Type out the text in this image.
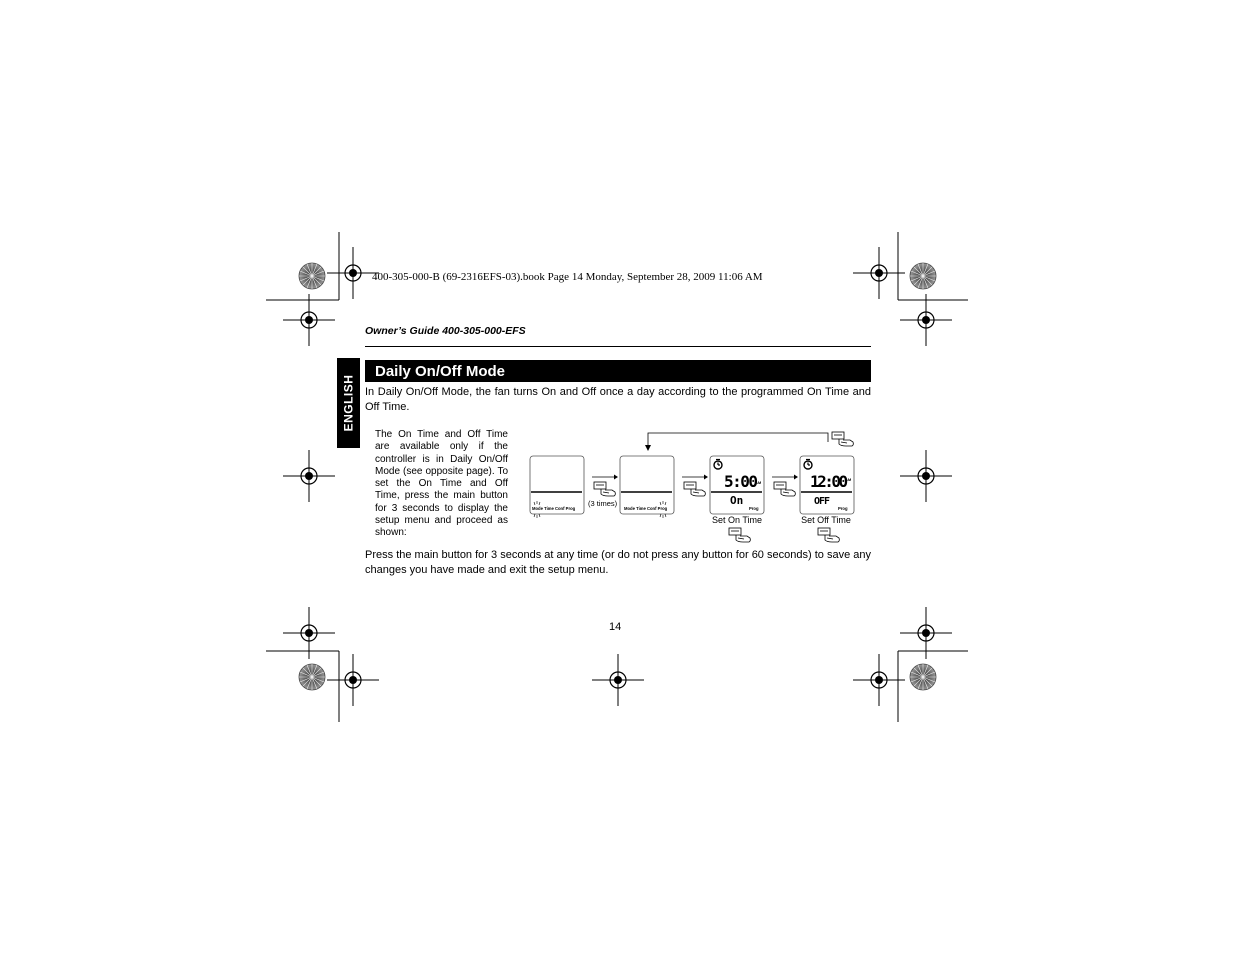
400-305-000-B (69-2316EFS-03).book Page 14 Monday, September 28, 2009 11:06 AM
Owner’s Guide 400-305-000-EFS
ENGLISH
Daily On/Off Mode
In Daily On/Off Mode, the fan turns On and Off once a day according to the programmed On Time and Off Time.
The On Time and Off Time are available only if the controller is in Daily On/Off Mode (see opposite page). To set the On Time and Off Time, press the main button for 3 seconds to display the setup menu and proceed as shown:
Mode Time Conf Prog
(3 times)
Mode Time Conf Prog
5:00
AM
On
Prog
Set On Time
12:00 AM
OFF
Prog
Set Off Time
Press the main button for 3 seconds at any time (or do not press any button for 60 seconds) to save any changes you have made and exit the setup menu.
14
